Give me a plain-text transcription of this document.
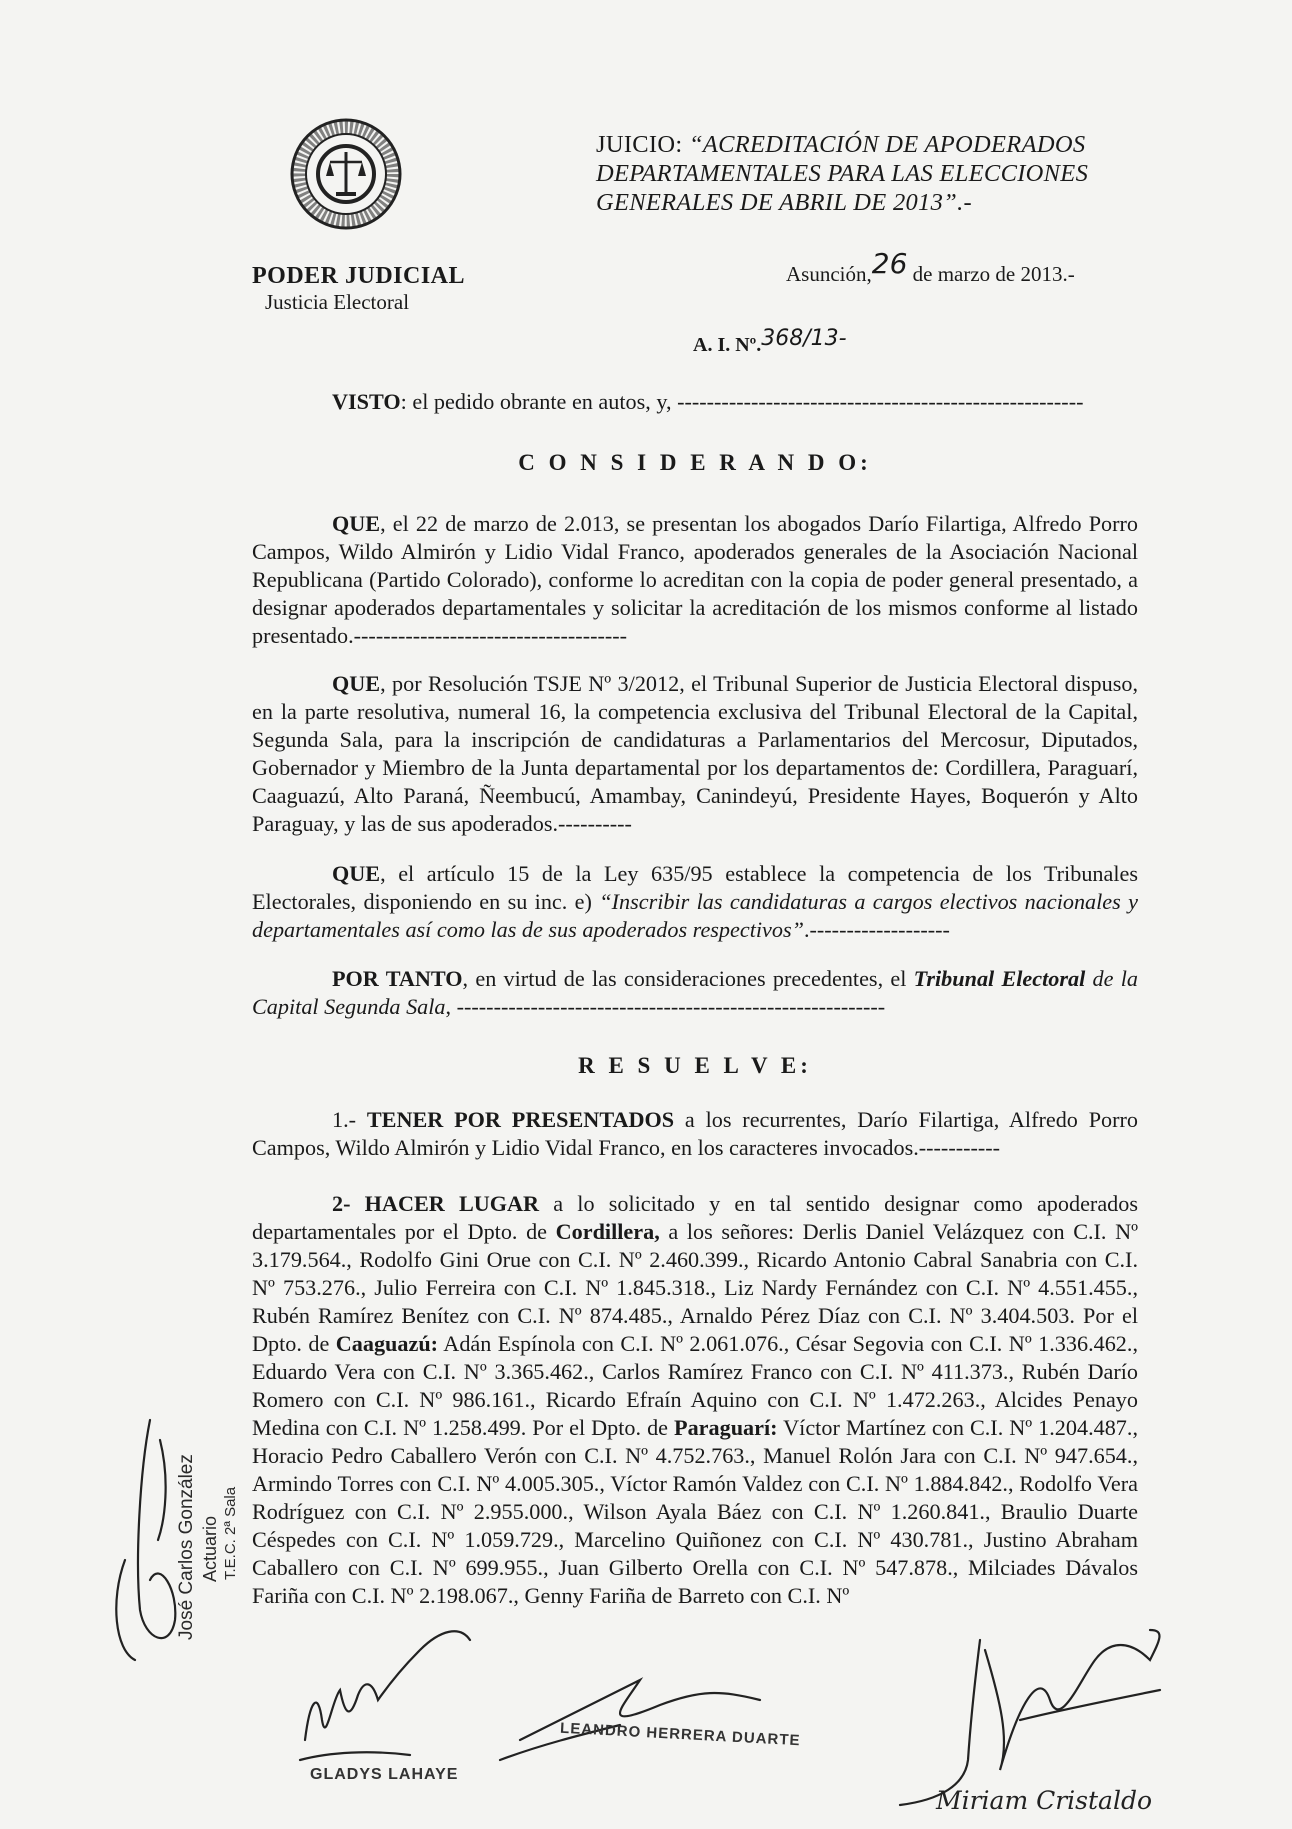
JUICIO: “ACREDITACIÓN DE APODERADOS
DEPARTAMENTALES PARA LAS ELECCIONES
GENERALES DE ABRIL DE 2013”.-
PODER JUDICIAL
Justicia Electoral
Asunción,26 de marzo de 2013.-
A. I. Nº.368/13-
VISTO: el pedido obrante en autos, y, -------------------------------------------------------
C O N S I D E R A N D O:
QUE, el 22 de marzo de 2.013, se presentan los abogados Darío Filartiga, Alfredo Porro Campos, Wildo Almirón y Lidio Vidal Franco, apoderados generales de la Asociación Nacional Republicana (Partido Colorado), conforme lo acreditan con la copia de poder general presentado, a designar apoderados departamentales y solicitar la acreditación de los mismos conforme al listado presentado.-------------------------------------
QUE, por Resolución TSJE Nº 3/2012, el Tribunal Superior de Justicia Electoral dispuso, en la parte resolutiva, numeral 16, la competencia exclusiva del Tribunal Electoral de la Capital, Segunda Sala, para la inscripción de candidaturas a Parlamentarios del Mercosur, Diputados, Gobernador y Miembro de la Junta departamental por los departamentos de: Cordillera, Paraguarí, Caaguazú, Alto Paraná, Ñeembucú, Amambay, Canindeyú, Presidente Hayes, Boquerón y Alto Paraguay, y las de sus apoderados.----------
QUE, el artículo 15 de la Ley 635/95 establece la competencia de los Tribunales Electorales, disponiendo en su inc. e) “Inscribir las candidaturas a cargos electivos nacionales y departamentales así como las de sus apoderados respectivos”.-------------------
POR TANTO, en virtud de las consideraciones precedentes, el Tribunal Electoral de la Capital Segunda Sala, ----------------------------------------------------------
R E S U E L V E:
1.- TENER POR PRESENTADOS a los recurrentes, Darío Filartiga, Alfredo Porro Campos, Wildo Almirón y Lidio Vidal Franco, en los caracteres invocados.-----------
2- HACER LUGAR a lo solicitado y en tal sentido designar como apoderados departamentales por el Dpto. de Cordillera, a los señores: Derlis Daniel Velázquez con C.I. Nº 3.179.564., Rodolfo Gini Orue con C.I. Nº 2.460.399., Ricardo Antonio Cabral Sanabria con C.I. Nº 753.276., Julio Ferreira con C.I. Nº 1.845.318., Liz Nardy Fernández con C.I. Nº 4.551.455., Rubén Ramírez Benítez con C.I. Nº 874.485., Arnaldo Pérez Díaz con C.I. Nº 3.404.503. Por el Dpto. de Caaguazú: Adán Espínola con C.I. Nº 2.061.076., César Segovia con C.I. Nº 1.336.462., Eduardo Vera con C.I. Nº 3.365.462., Carlos Ramírez Franco con C.I. Nº 411.373., Rubén Darío Romero con C.I. Nº 986.161., Ricardo Efraín Aquino con C.I. Nº 1.472.263., Alcides Penayo Medina con C.I. Nº 1.258.499. Por el Dpto. de Paraguarí: Víctor Martínez con C.I. Nº 1.204.487., Horacio Pedro Caballero Verón con C.I. Nº 4.752.763., Manuel Rolón Jara con C.I. Nº 947.654., Armindo Torres con C.I. Nº 4.005.305., Víctor Ramón Valdez con C.I. Nº 1.884.842., Rodolfo Vera Rodríguez con C.I. Nº 2.955.000., Wilson Ayala Báez con C.I. Nº 1.260.841., Braulio Duarte Céspedes con C.I. Nº 1.059.729., Marcelino Quiñonez con C.I. Nº 430.781., Justino Abraham Caballero con C.I. Nº 699.955., Juan Gilberto Orella con C.I. Nº 547.878., Milciades Dávalos Fariña con C.I. Nº 2.198.067., Genny Fariña de Barreto con C.I. Nº
José Carlos González Actuario T.E.C. 2ª Sala
GLADYS LAHAYE
LEANDRO HERRERA DUARTE
Miriam Cristaldo
